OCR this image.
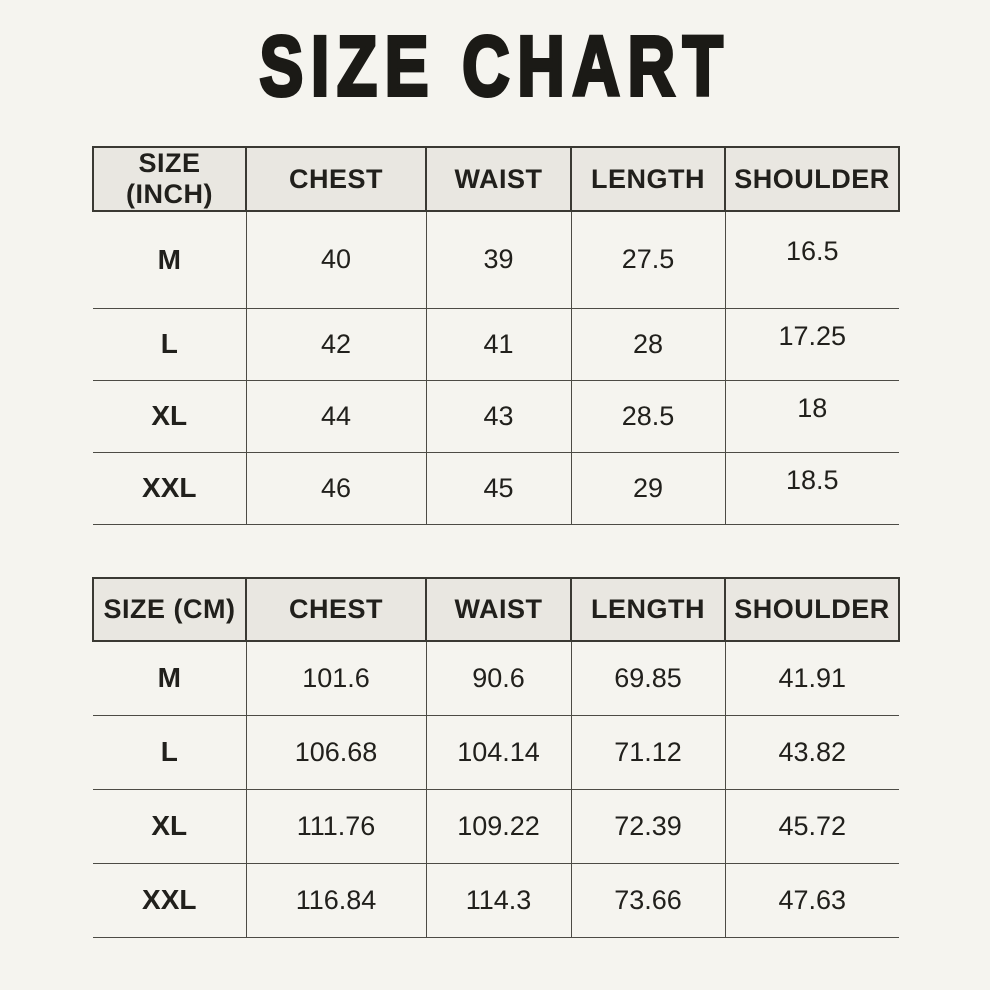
SIZE CHART
SIZE (INCH)	CHEST	WAIST	LENGTH	SHOULDER
M	40	39	27.5	16.5
L	42	41	28	17.25
XL	44	43	28.5	18
XXL	46	45	29	18.5
SIZE (CM)	CHEST	WAIST	LENGTH	SHOULDER
M	101.6	90.6	69.85	41.91
L	106.68	104.14	71.12	43.82
XL	111.76	109.22	72.39	45.72
XXL	116.84	114.3	73.66	47.63
